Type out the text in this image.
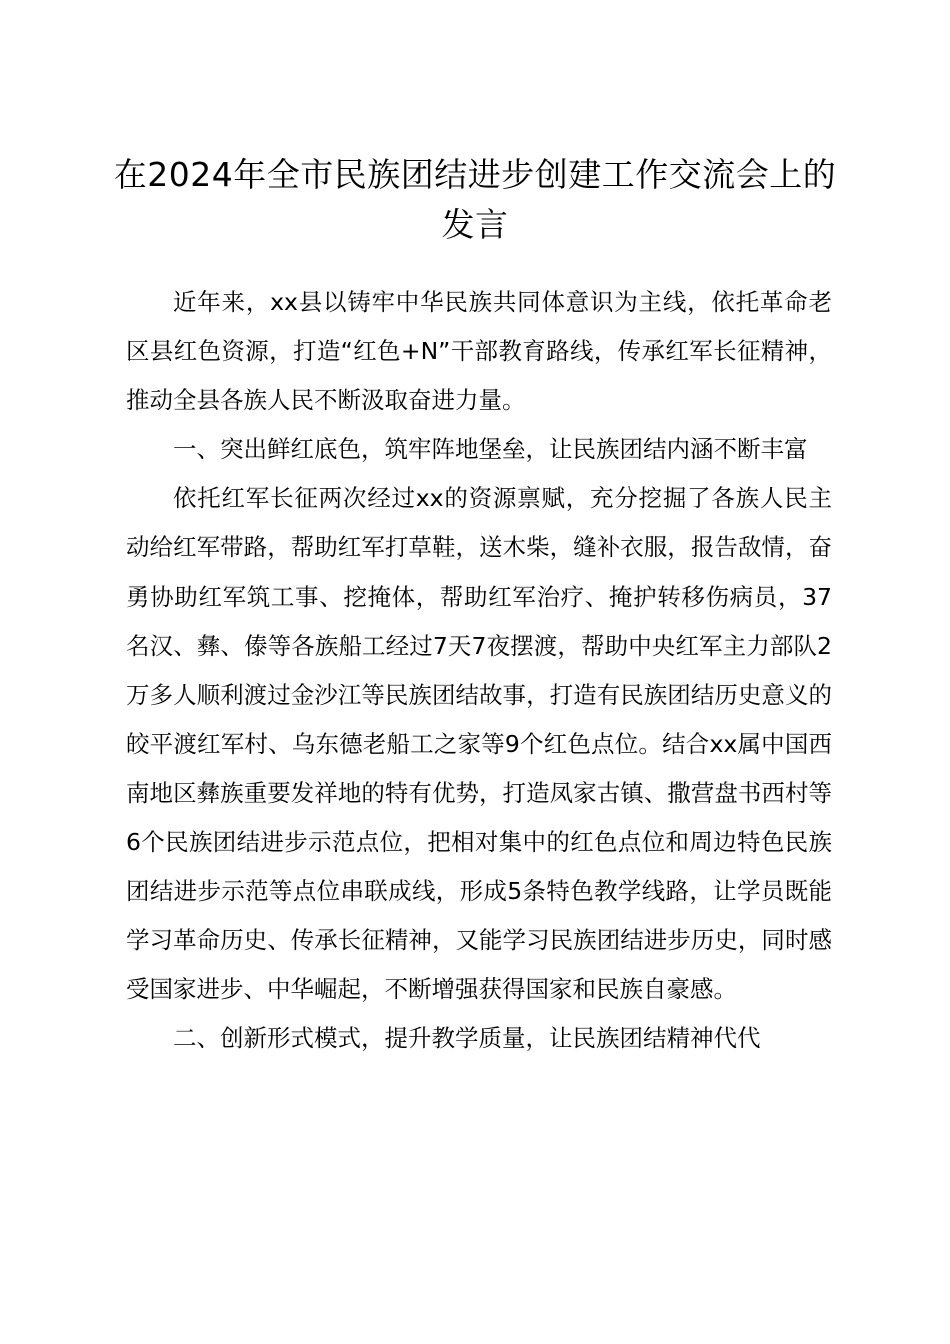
在2024年全市民族团结进步创建工作交流会上的发言

近年来，xx县以铸牢中华民族共同体意识为主线，依托革命老区县红色资源，打造“红色+N”干部教育路线，传承红军长征精神，推动全县各族人民不断汲取奋进力量。

一、突出鲜红底色，筑牢阵地堡垒，让民族团结内涵不断丰富

依托红军长征两次经过xx的资源禀赋，充分挖掘了各族人民主动给红军带路，帮助红军打草鞋，送木柴，缝补衣服，报告敌情，奋勇协助红军筑工事、挖掩体，帮助红军治疗、掩护转移伤病员，37名汉、彝、傣等各族船工经过7天7夜摆渡，帮助中央红军主力部队2万多人顺利渡过金沙江等民族团结故事，打造有民族团结历史意义的皎平渡红军村、乌东德老船工之家等9个红色点位。结合xx属中国西南地区彝族重要发祥地的特有优势，打造凤家古镇、撒营盘书西村等6个民族团结进步示范点位，把相对集中的红色点位和周边特色民族团结进步示范等点位串联成线，形成5条特色教学线路，让学员既能学习革命历史、传承长征精神，又能学习民族团结进步历史，同时感受国家进步、中华崛起，不断增强获得国家和民族自豪感。

二、创新形式模式，提升教学质量，让民族团结精神代代
